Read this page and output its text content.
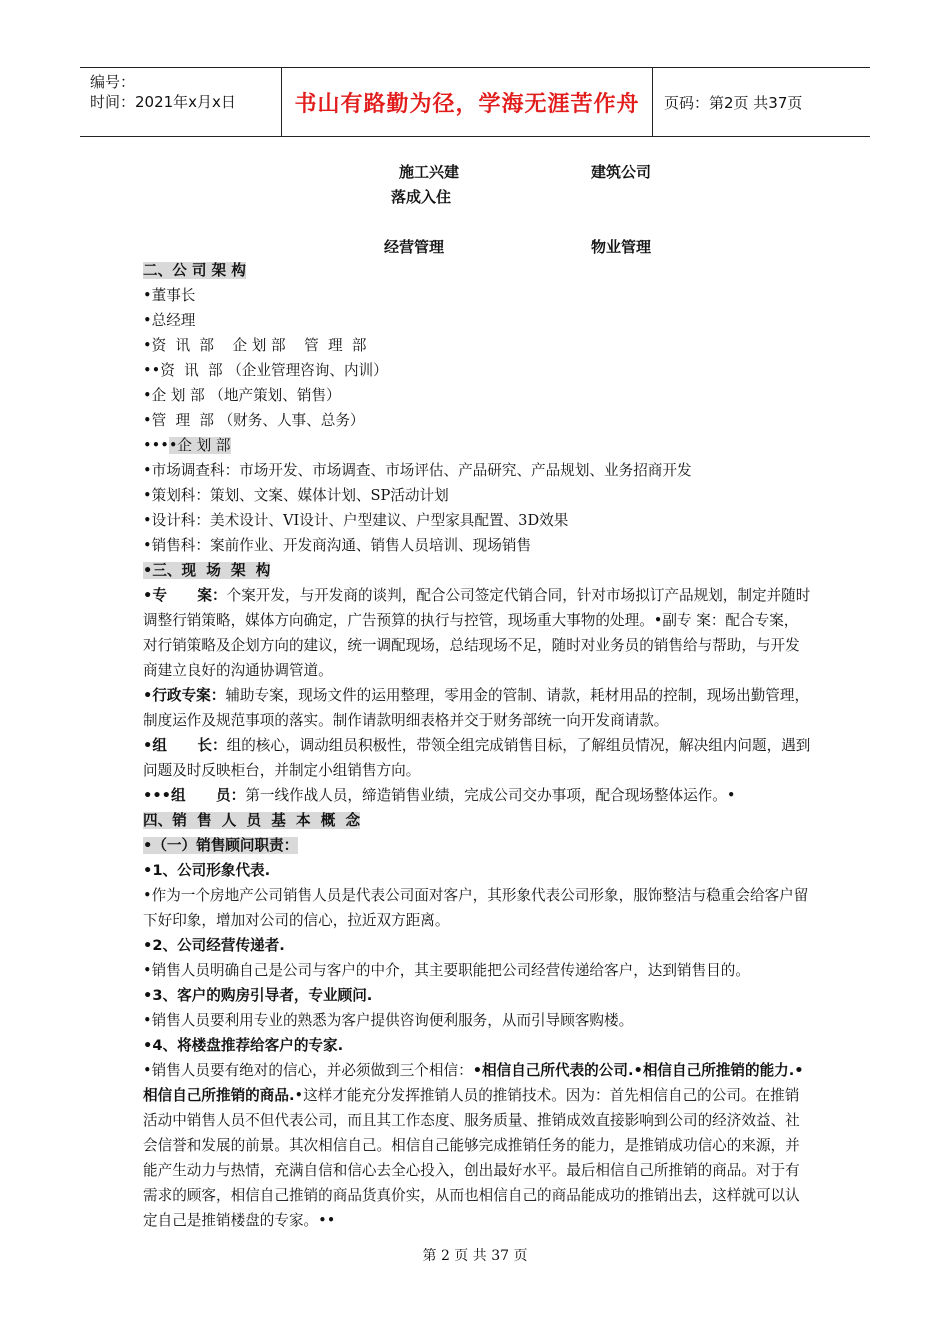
编号：
时间：2021年x月x日	书山有路勤为径，学海无涯苦作舟	页码：第2页 共37页
施工兴建	建筑公司
落成入住
经营管理	物业管理

二、公 司 架 构

•董事长

•总经理

•资  讯  部    企 划 部    管  理  部

••资  讯  部 （企业管理咨询、内训）

•企 划 部 （地产策划、销售）

•管  理  部 （财务、人事、总务）

••••企 划 部

•市场调查科：市场开发、市场调查、市场评估、产品研究、产品规划、业务招商开发

•策划科：策划、文案、媒体计划、SP活动计划

•设计科：美术设计、VI设计、户型建议、户型家具配置、3D效果

•销售科：案前作业、开发商沟通、销售人员培训、现场销售

•三、现  场  架  构

•专      案：个案开发，与开发商的谈判，配合公司签定代销合同，针对市场拟订产品规划，制定并随时调整行销策略，媒体方向确定，广告预算的执行与控管，现场重大事物的处理。•副专 案：配合专案，对行销策略及企划方向的建议，统一调配现场，总结现场不足，随时对业务员的销售给与帮助，与开发商建立良好的沟通协调管道。

•行政专案：辅助专案，现场文件的运用整理，零用金的管制、请款，耗材用品的控制，现场出勤管理，制度运作及规范事项的落实。制作请款明细表格并交于财务部统一向开发商请款。

•组      长：组的核心，调动组员积极性，带领全组完成销售目标，了解组员情况，解决组内问题，遇到问题及时反映柜台，并制定小组销售方向。

•••组      员：第一线作战人员，缔造销售业绩，完成公司交办事项，配合现场整体运作。•

四、销  售  人  员  基  本  概  念

•（一）销售顾问职责：

•1、公司形象代表.

•作为一个房地产公司销售人员是代表公司面对客户，其形象代表公司形象，服饰整洁与稳重会给客户留下好印象，增加对公司的信心，拉近双方距离。

•2、公司经营传递者.

•销售人员明确自己是公司与客户的中介，其主要职能把公司经营传递给客户，达到销售目的。

•3、客户的购房引导者，专业顾问.

•销售人员要利用专业的熟悉为客户提供咨询便利服务，从而引导顾客购楼。

•4、将楼盘推荐给客户的专家.

•销售人员要有绝对的信心，并必须做到三个相信：•相信自己所代表的公司.•相信自己所推销的能力.•相信自己所推销的商品.•这样才能充分发挥推销人员的推销技术。因为：首先相信自己的公司。在推销活动中销售人员不但代表公司，而且其工作态度、服务质量、推销成效直接影响到公司的经济效益、社会信誉和发展的前景。其次相信自己。相信自己能够完成推销任务的能力，是推销成功信心的来源，并能产生动力与热情，充满自信和信心去全心投入，创出最好水平。最后相信自己所推销的商品。对于有需求的顾客，相信自己推销的商品货真价实，从而也相信自己的商品能成功的推销出去，这样就可以认定自己是推销楼盘的专家。••

第 2 页 共 37 页
